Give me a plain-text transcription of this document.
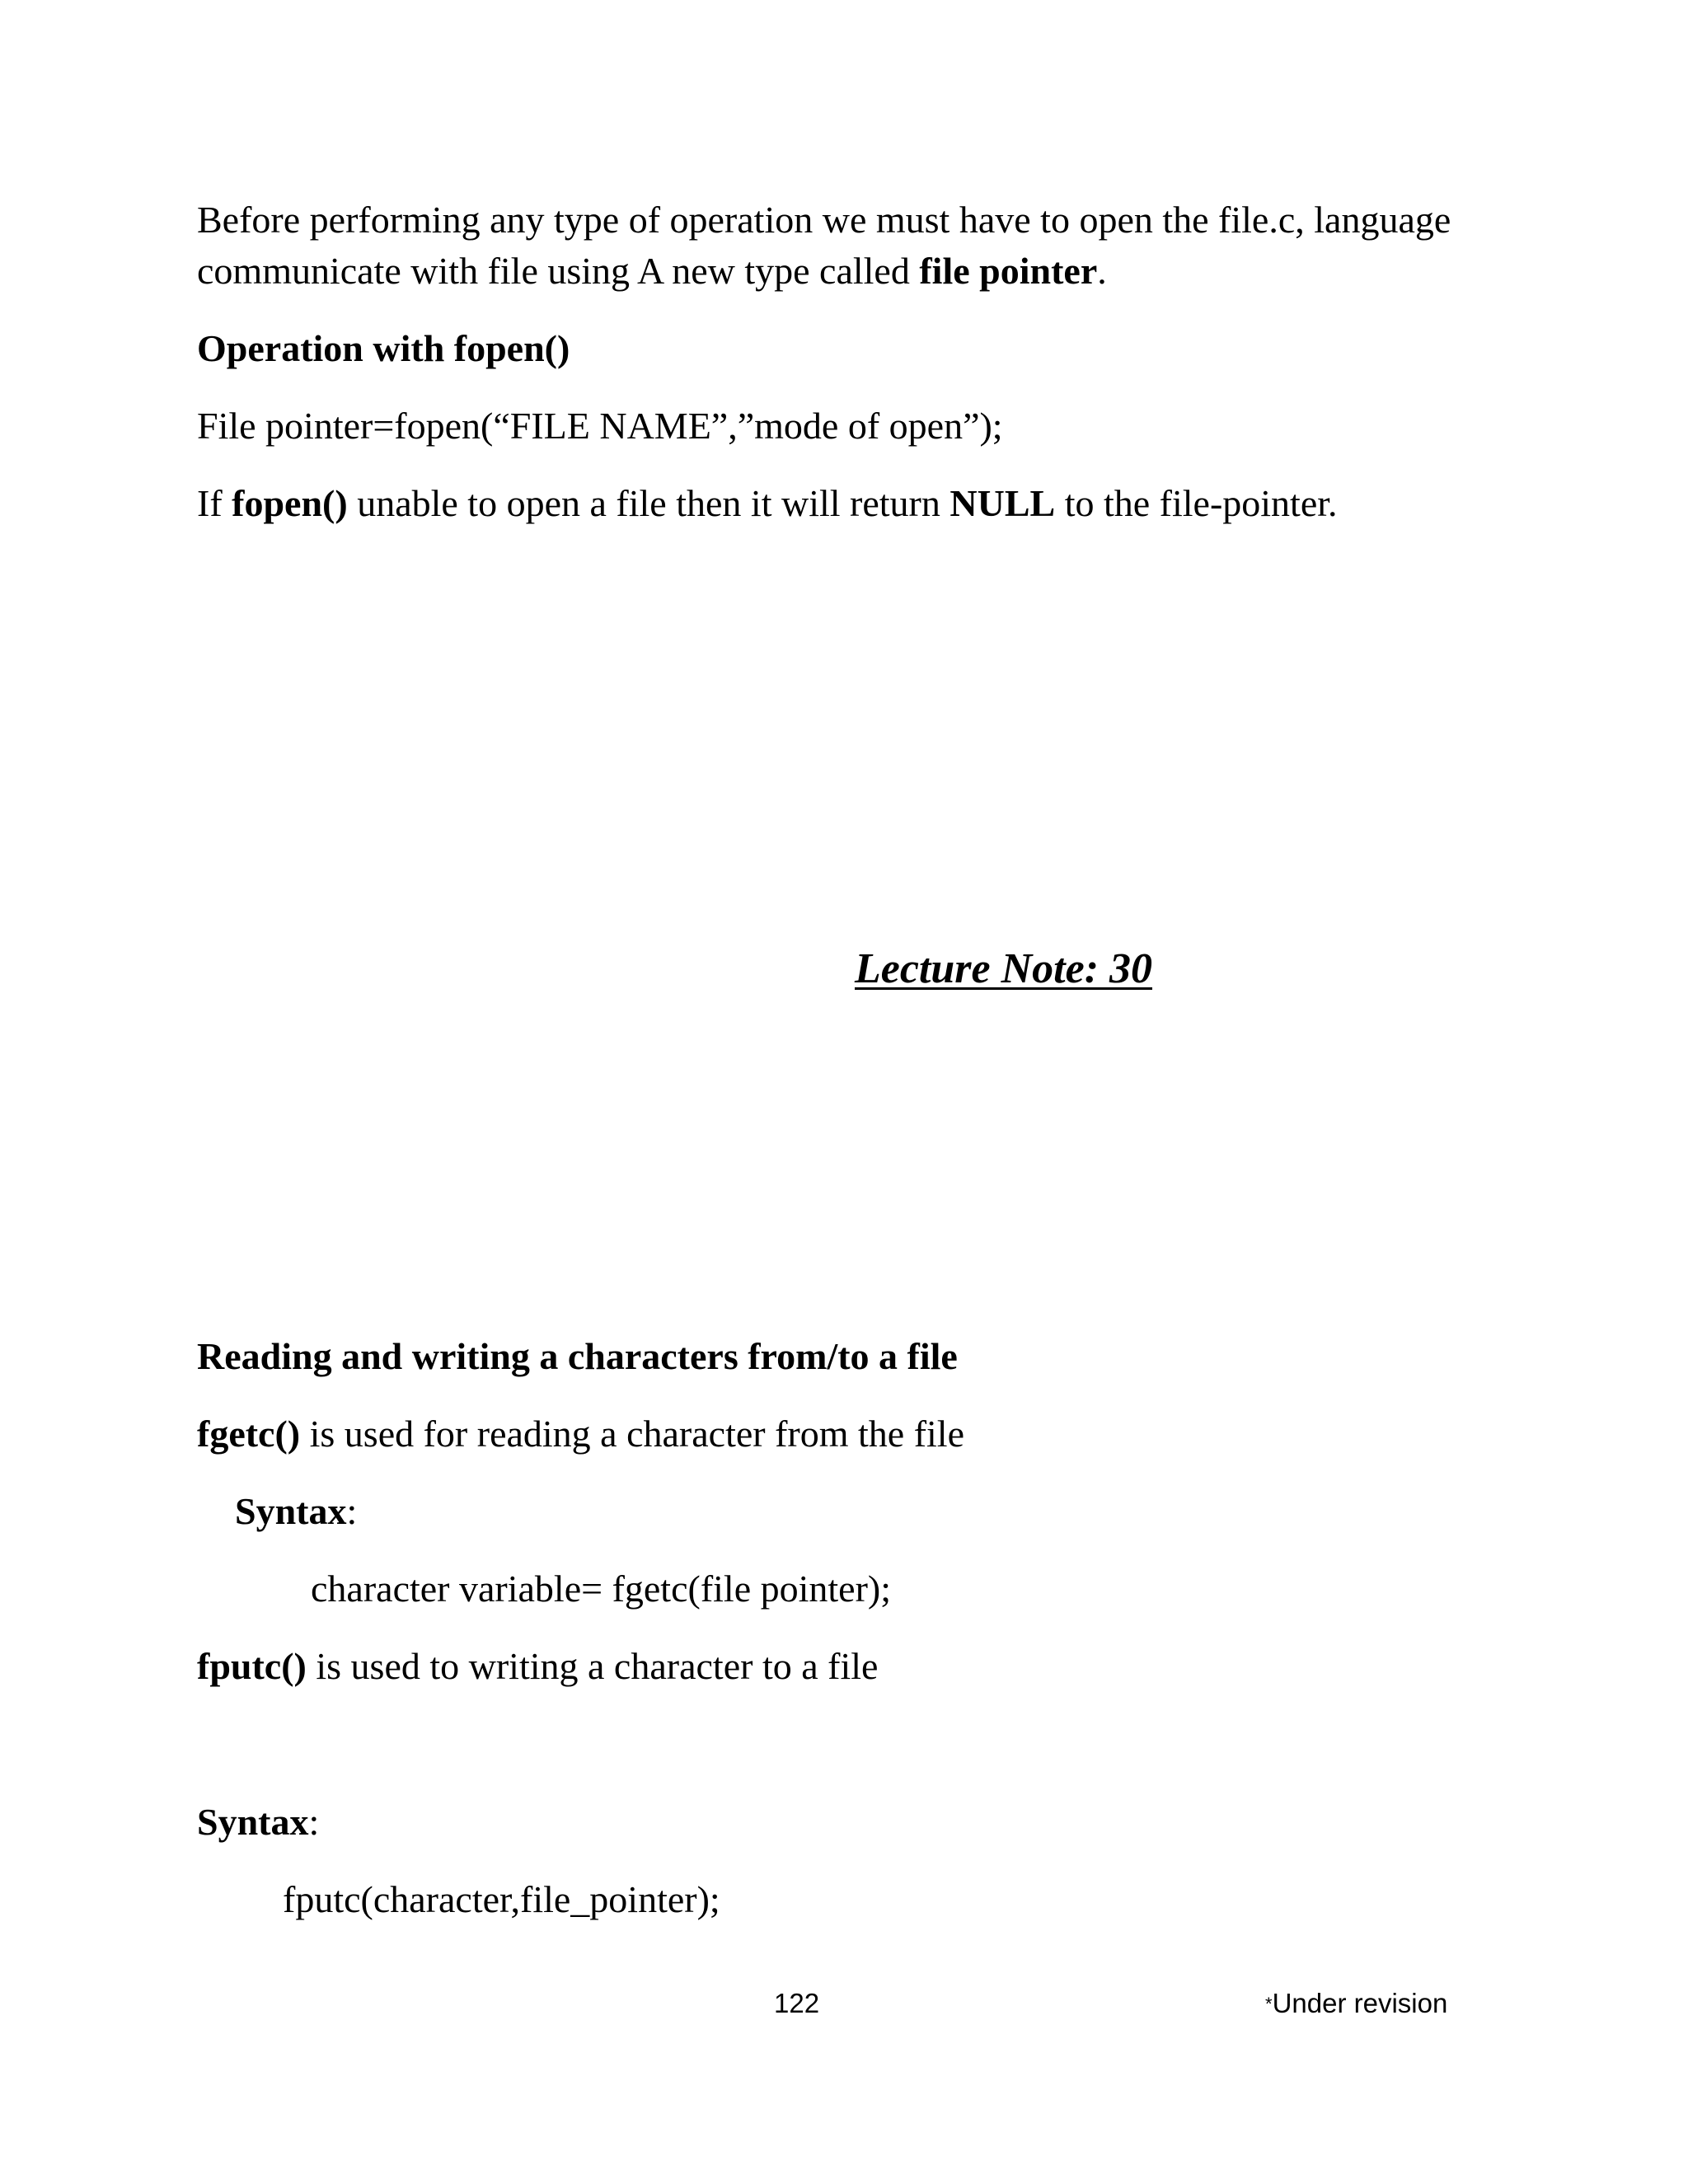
Before performing any type of operation we must have to open the file.c, language

communicate with file using A new type called file pointer.

Operation with fopen()

File pointer=fopen(“FILE NAME”,”mode of open”);

If fopen() unable to open a file then it will return NULL to the file-pointer.

Lecture Note: 30
Reading and writing a characters from/to a file

fgetc() is used for reading a character from the file

Syntax:

character variable= fgetc(file pointer);

fputc() is used to writing a character to a file

Syntax:

fputc(character,file_pointer);

122	*Under revision
